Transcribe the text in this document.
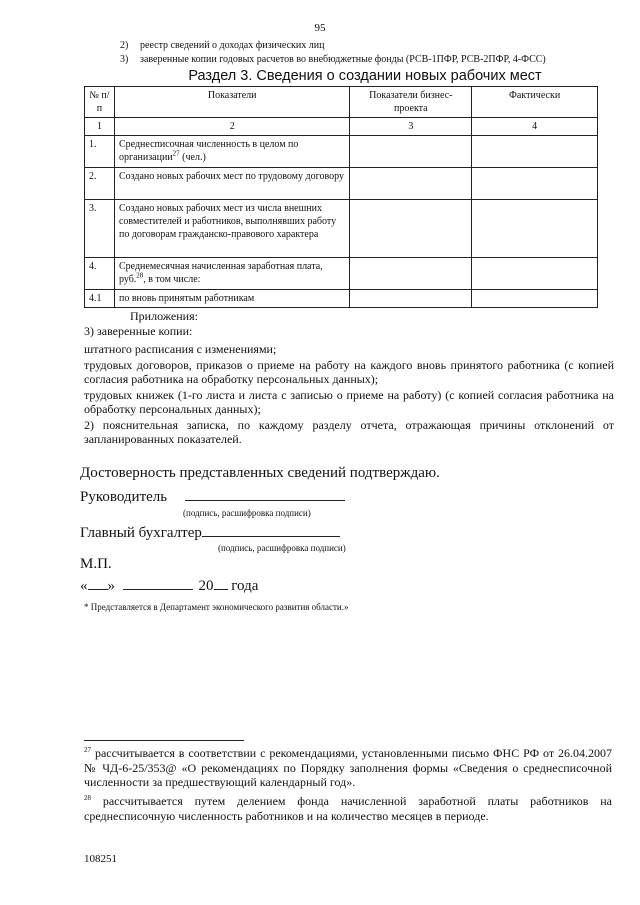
95
2) реестр сведений о доходах физических лиц
3) заверенные копии годовых расчетов во внебюджетные фонды (РСВ-1ПФР, РСВ-2ПФР, 4-ФСС)
Раздел 3. Сведения о создании новых рабочих мест
№ п/п	Показатели	Показатели бизнес-проекта	Фактически
1	2	3	4
1.	Среднесписочная численность в целом по организации$^{27}$ (чел.)		
2.	Создано новых рабочих мест по трудовому договору		
3.	Создано новых рабочих мест из числа внешних совместителей и работников, выполнявших работу по договорам гражданско-правового характера		
4.	Среднемесячная начисленная заработная плата, руб.$^{28}$, в том числе:		
4.1	по вновь принятым работникам		
Приложения:
3) заверенные копии:
штатного расписания с изменениями;
трудовых договоров, приказов о приеме на работу на каждого вновь принятого работника (с копией согласия работника на обработку персональных данных);
трудовых книжек (1-го листа и листа с записью о приеме на работу) (с копией согласия работника на обработку персональных данных);
2) пояснительная записка, по каждому разделу отчета, отражающая причины отклонений от запланированных показателей.
Достоверность представленных сведений подтверждаю.
Руководитель
(подпись, расшифровка подписи)
Главный бухгалтер
(подпись, расшифровка подписи)
М.П.
« »	20 года
* Представляется в Департамент экономического развития области.»
$^{27}$ рассчитывается в соответствии с рекомендациями, установленными письмо ФНС РФ от 26.04.2007 № ЧД-6-25/353@ «О рекомендациях по Порядку заполнения формы «Сведения о среднесписочной численности за предшествующий календарный год».
$^{28}$ рассчитывается путем делением фонда начисленной заработной платы работников на среднесписочную численность работников и на количество месяцев в периоде.
108251
